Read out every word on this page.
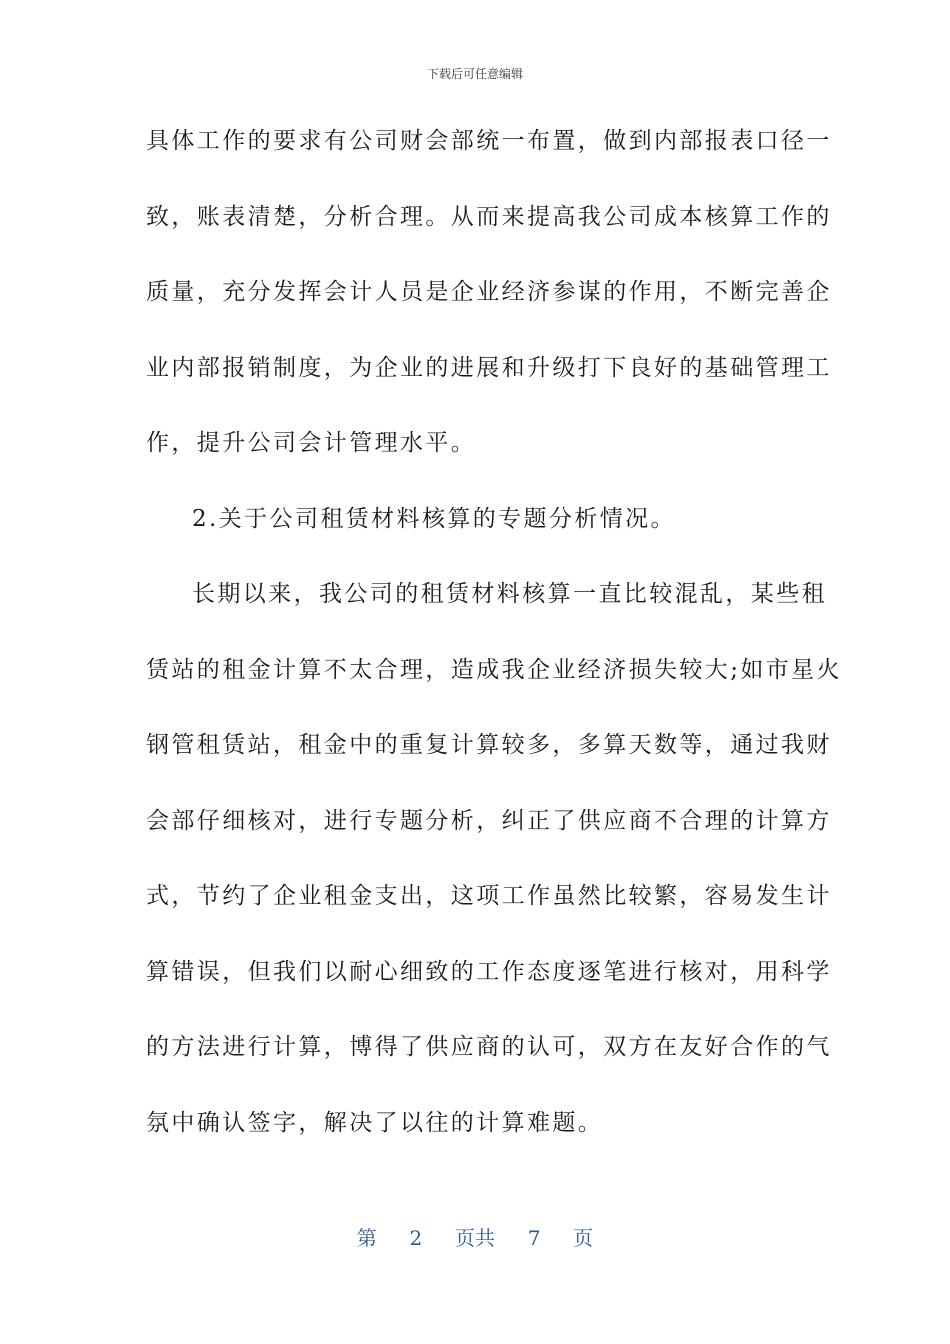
下载后可任意编辑
具体工作的要求有公司财会部统一布置，做到内部报表口径一
致，账表清楚，分析合理。从而来提高我公司成本核算工作的
质量，充分发挥会计人员是企业经济参谋的作用，不断完善企
业内部报销制度，为企业的进展和升级打下良好的基础管理工
作，提升公司会计管理水平。
2.关于公司租赁材料核算的专题分析情况。
长期以来，我公司的租赁材料核算一直比较混乱，某些租
赁站的租金计算不太合理，造成我企业经济损失较大;如市星火
钢管租赁站，租金中的重复计算较多，多算天数等，通过我财
会部仔细核对，进行专题分析，纠正了供应商不合理的计算方
式，节约了企业租金支出，这项工作虽然比较繁，容易发生计
算错误，但我们以耐心细致的工作态度逐笔进行核对，用科学
的方法进行计算，博得了供应商的认可，双方在友好合作的气
氛中确认签字，解决了以往的计算难题。
第 2 页共 7 页
